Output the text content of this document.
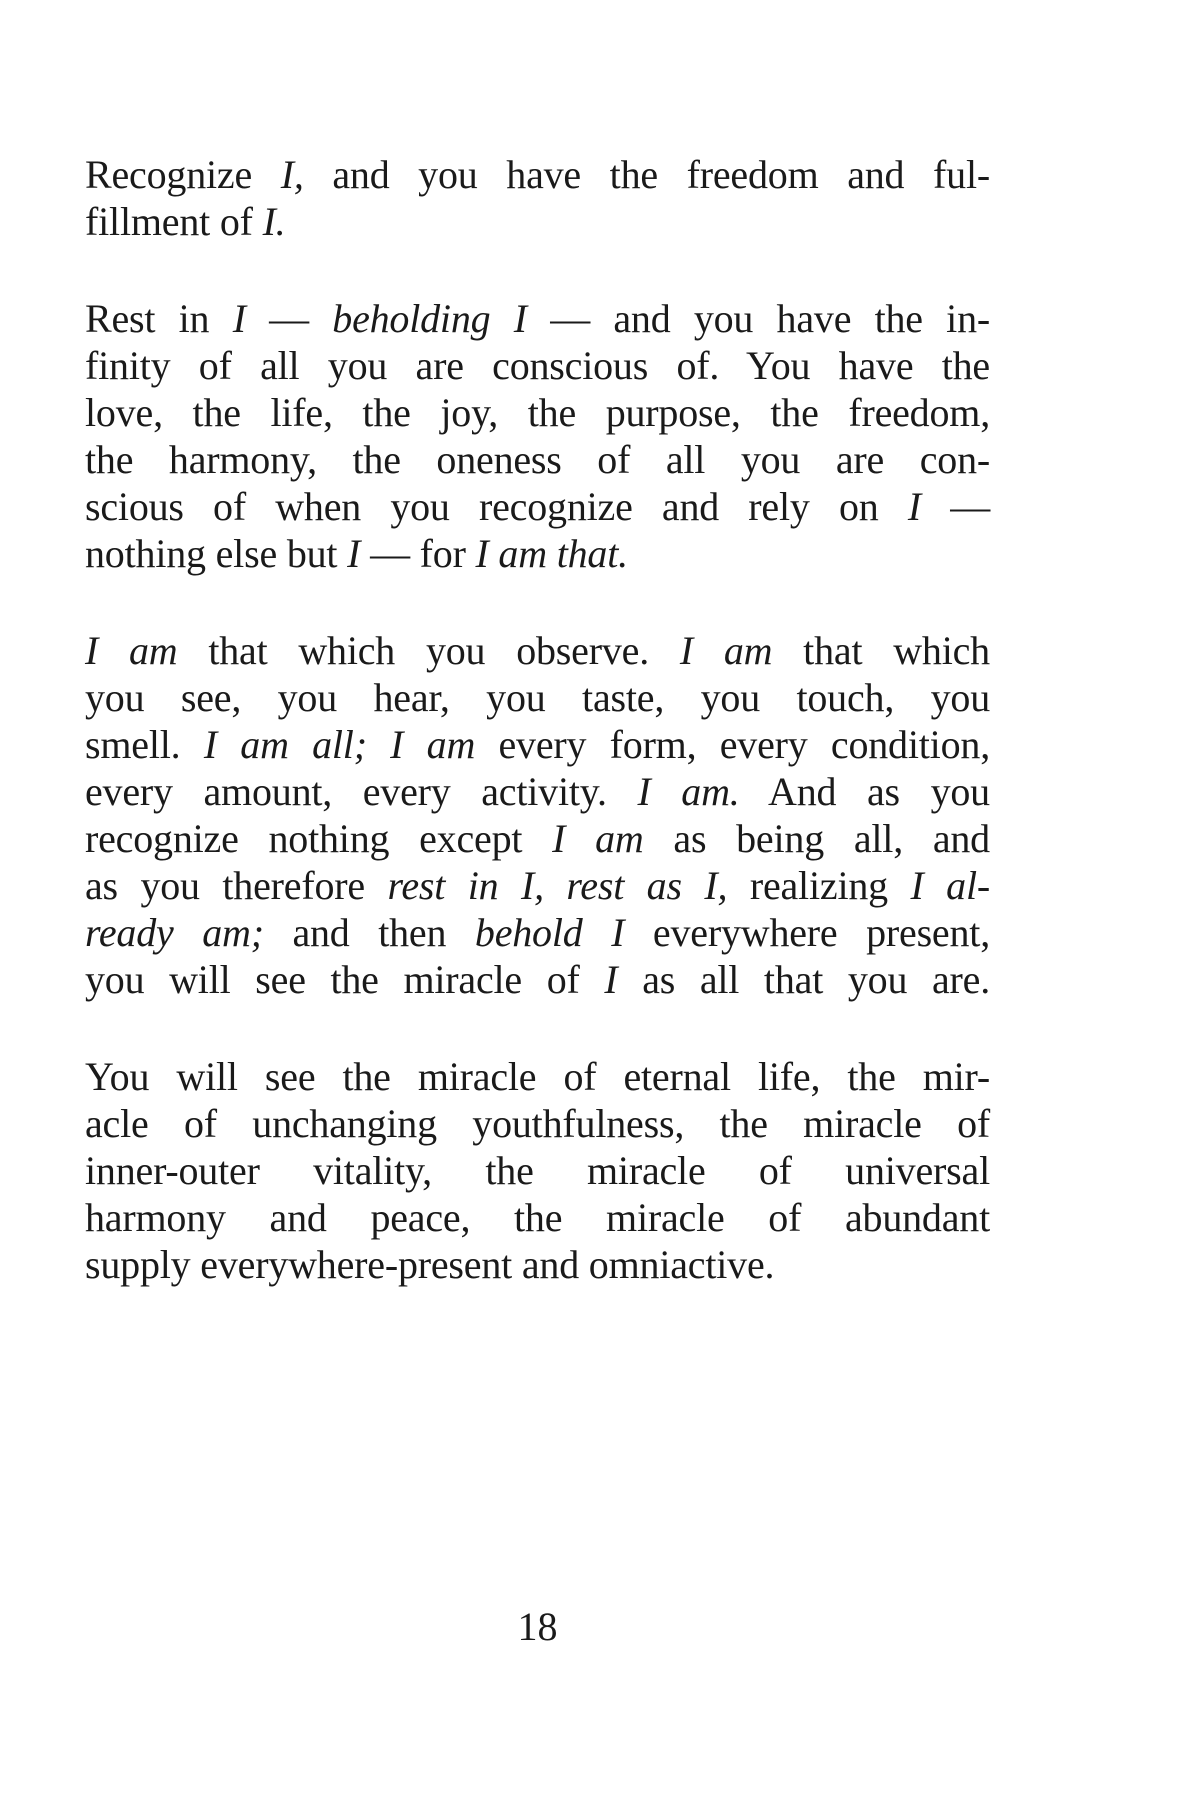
Recognize I, and you have the freedom and ful-
fillment of I.
Rest in I — beholding I — and you have the in-
finity of all you are conscious of. You have the
love, the life, the joy, the purpose, the freedom,
the harmony, the oneness of all you are con-
scious of when you recognize and rely on I —
nothing else but I — for I am that.
I am that which you observe. I am that which
you see, you hear, you taste, you touch, you
smell. I am all; I am every form, every condition,
every amount, every activity. I am. And as you
recognize nothing except I am as being all, and
as you therefore rest in I, rest as I, realizing I al-
ready am; and then behold I everywhere present,
you will see the miracle of I as all that you are.
You will see the miracle of eternal life, the mir-
acle of unchanging youthfulness, the miracle of
inner-outer vitality, the miracle of universal
harmony and peace, the miracle of abundant
supply everywhere-present and omniactive.
18
